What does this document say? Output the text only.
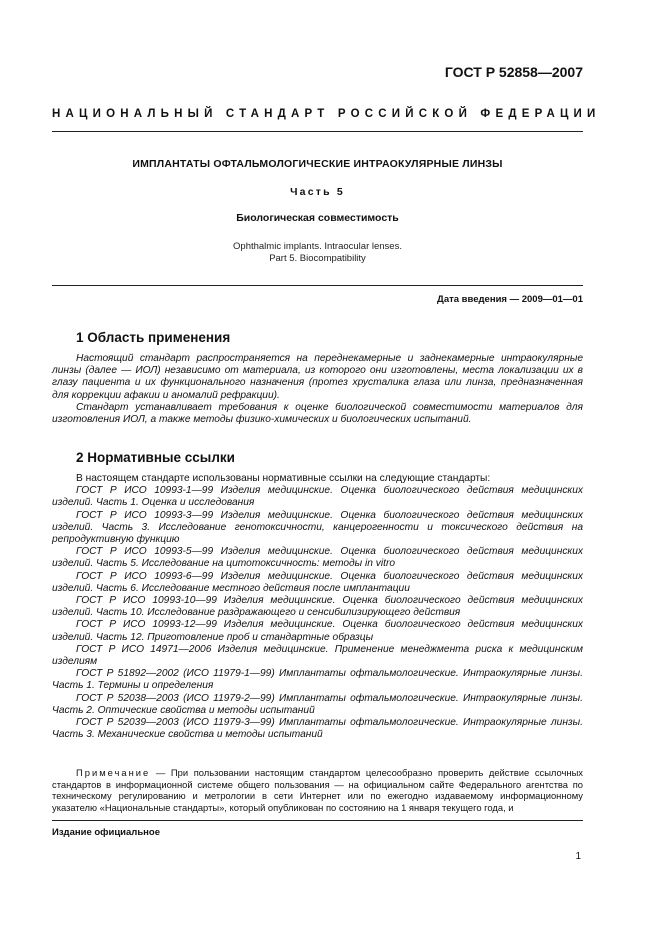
ГОСТ Р 52858—2007
НАЦИОНАЛЬНЫЙ СТАНДАРТ РОССИЙСКОЙ ФЕДЕРАЦИИ
ИМПЛАНТАТЫ ОФТАЛЬМОЛОГИЧЕСКИЕ ИНТРАОКУЛЯРНЫЕ ЛИНЗЫ
Часть 5
Биологическая совместимость
Ophthalmic implants. Intraocular lenses.
Part 5. Biocompatibility
Дата введения — 2009—01—01
1 Область применения

Настоящий стандарт распространяется на переднекамерные и заднекамерные интраокулярные линзы (далее — ИОЛ) независимо от материала, из которого они изготовлены, места локализации их в глазу пациента и их функционального назначения (протез хрусталика глаза или линза, предназначенная для коррекции афакии и аномалий рефракции).

Стандарт устанавливает требования к оценке биологической совместимости материалов для изготовления ИОЛ, а также методы физико-химических и биологических испытаний.

2 Нормативные ссылки

В настоящем стандарте использованы нормативные ссылки на следующие стандарты:

ГОСТ Р ИСО 10993-1—99 Изделия медицинские. Оценка биологического действия медицинских изделий. Часть 1. Оценка и исследования

ГОСТ Р ИСО 10993-3—99 Изделия медицинские. Оценка биологического действия медицинских изделий. Часть 3. Исследование генотоксичности, канцерогенности и токсического действия на репродуктивную функцию

ГОСТ Р ИСО 10993-5—99 Изделия медицинские. Оценка биологического действия медицинских изделий. Часть 5. Исследование на цитотоксичность: методы in vitro

ГОСТ Р ИСО 10993-6—99 Изделия медицинские. Оценка биологического действия медицинских изделий. Часть 6. Исследование местного действия после имплантации

ГОСТ Р ИСО 10993-10—99 Изделия медицинские. Оценка биологического действия медицинских изделий. Часть 10. Исследование раздражающего и сенсибилизирующего действия

ГОСТ Р ИСО 10993-12—99 Изделия медицинские. Оценка биологического действия медицинских изделий. Часть 12. Приготовление проб и стандартные образцы

ГОСТ Р ИСО 14971—2006 Изделия медицинские. Применение менеджмента риска к медицинским изделиям

ГОСТ Р 51892—2002 (ИСО 11979-1—99) Имплантаты офтальмологические. Интраокулярные линзы. Часть 1. Термины и определения

ГОСТ Р 52038—2003 (ИСО 11979-2—99) Имплантаты офтальмологические. Интраокулярные линзы. Часть 2. Оптические свойства и методы испытаний

ГОСТ Р 52039—2003 (ИСО 11979-3—99) Имплантаты офтальмологические. Интраокулярные линзы. Часть 3. Механические свойства и методы испытаний

Примечание — При пользовании настоящим стандартом целесообразно проверить действие ссылочных стандартов в информационной системе общего пользования — на официальном сайте Федерального агентства по техническому регулированию и метрологии в сети Интернет или по ежегодно издаваемому информационному указателю «Национальные стандарты», который опубликован по состоянию на 1 января текущего года, и
Издание официальное
1
